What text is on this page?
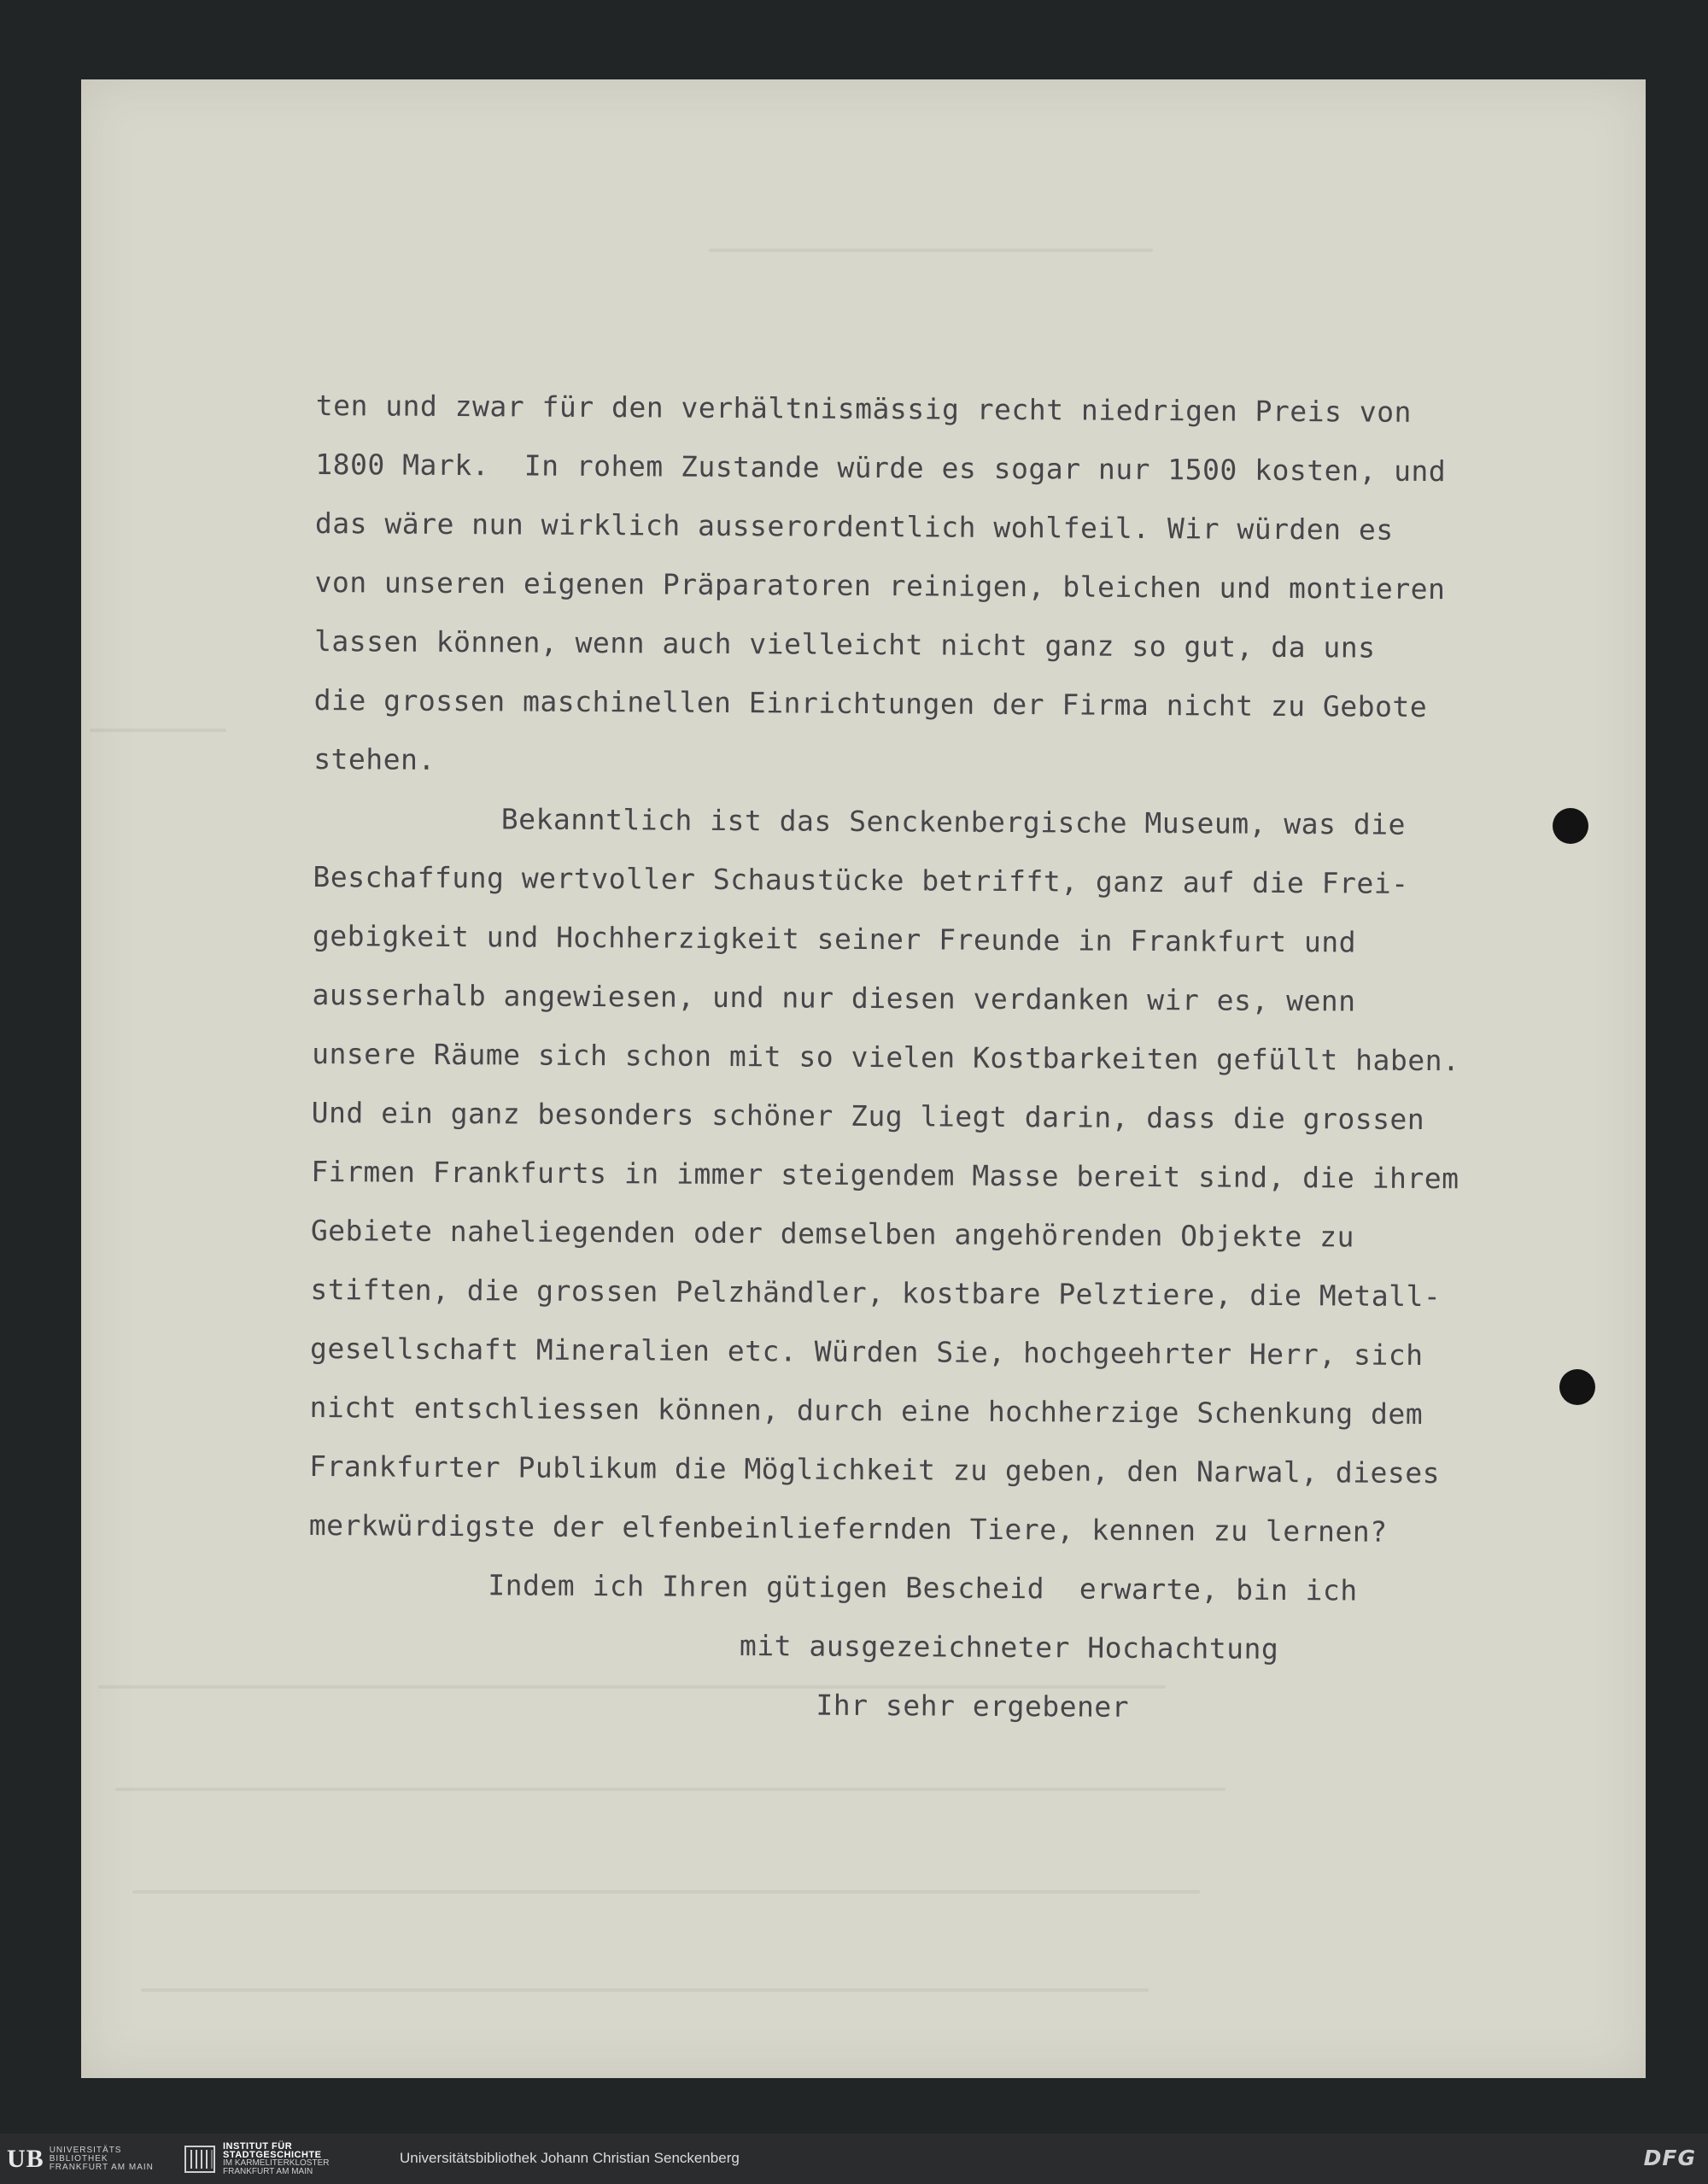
ten und zwar für den verhältnismässig recht niedrigen Preis von
1800 Mark.  In rohem Zustande würde es sogar nur 1500 kosten, und
das wäre nun wirklich ausserordentlich wohlfeil. Wir würden es
von unseren eigenen Präparatoren reinigen, bleichen und montieren
lassen können, wenn auch vielleicht nicht ganz so gut, da uns
die grossen maschinellen Einrichtungen der Firma nicht zu Gebote
stehen.
Bekanntlich ist das Senckenbergische Museum, was die
Beschaffung wertvoller Schaustücke betrifft, ganz auf die Frei-
gebigkeit und Hochherzigkeit seiner Freunde in Frankfurt und
ausserhalb angewiesen, und nur diesen verdanken wir es, wenn
unsere Räume sich schon mit so vielen Kostbarkeiten gefüllt haben.
Und ein ganz besonders schöner Zug liegt darin, dass die grossen
Firmen Frankfurts in immer steigendem Masse bereit sind, die ihrem
Gebiete naheliegenden oder demselben angehörenden Objekte zu
stiften, die grossen Pelzhändler, kostbare Pelztiere, die Metall-
gesellschaft Mineralien etc. Würden Sie, hochgeehrter Herr, sich
nicht entschliessen können, durch eine hochherzige Schenkung dem
Frankfurter Publikum die Möglichkeit zu geben, den Narwal, dieses
merkwürdigste der elfenbeinliefernden Tiere, kennen zu lernen?
Indem ich Ihren gütigen Bescheid  erwarte, bin ich
mit ausgezeichneter Hochachtung
Ihr sehr ergebener
UB UNIVERSITÄTS
BIBLIOTHEK
FRANKFURT AM MAIN
INSTITUT FÜR
STADTGESCHICHTE
IM KARMELITERKLOSTER
FRANKFURT AM MAIN
Universitätsbibliothek Johann Christian Senckenberg	DFG
